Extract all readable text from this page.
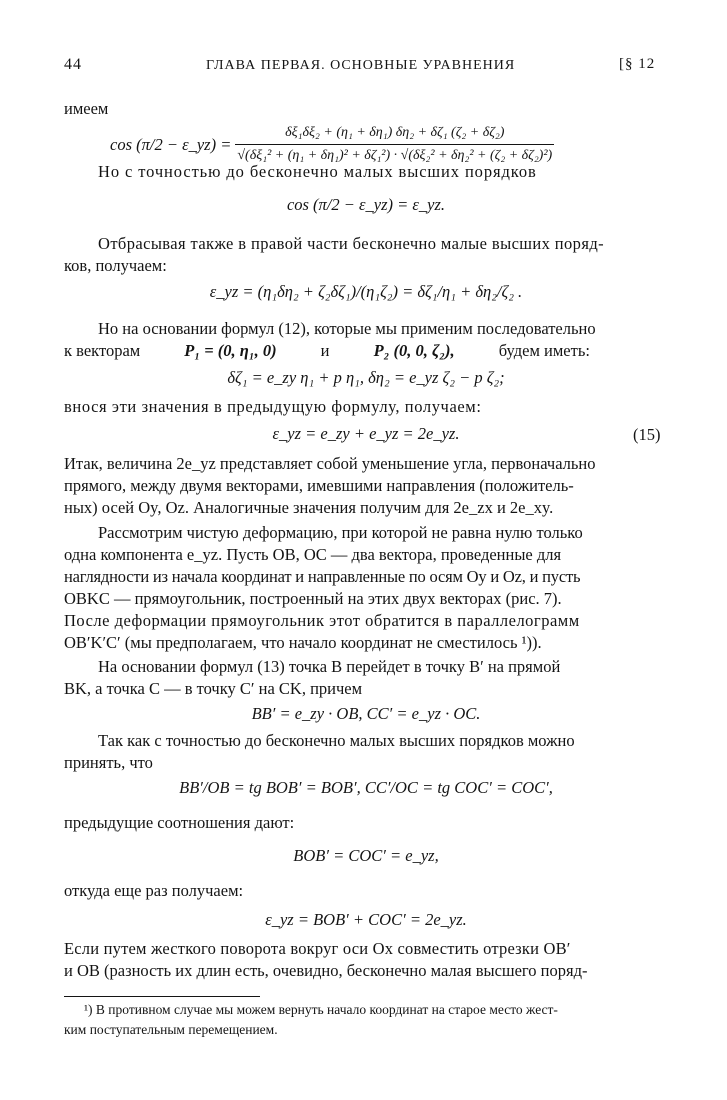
44	ГЛАВА ПЕРВАЯ. ОСНОВНЫЕ УРАВНЕНИЯ	[§ 12
имеем
cos (π/2 − ε_yz) = $\frac{\text{δξ₁δξ₂ + (η₁ + δη₁) δη₂ + δζ₁ (ζ₂ + δζ₂)}}{\text{√(δξ₁² + (η₁ + δη₁)² + δζ₁²) · √(δξ₂² + δη₂² + (ζ₂ + δζ₂)²)}}$
Но с точностью до бесконечно малых высших порядков
cos (π/2 − ε_yz) = ε_yz.
Отбрасывая также в правой части бесконечно малые высших поряд-
ков, получаем:
ε_yz = (η₁δη₂ + ζ₂δζ₁)/(η₁ζ₂) = δζ₁/η₁ + δη₂/ζ₂ .
Но на основании формул (12), которые мы применим последовательно
к векторам	P₁ = (0, η₁, 0)	и	P₂ (0, 0, ζ₂),	будем иметь:
δζ₁ = e_zy η₁ + p η₁, δη₂ = e_yz ζ₂ − p ζ₂;
внося эти значения в предыдущую формулу, получаем:
ε_yz = e_zy + e_yz = 2e_yz.	(15)
Итак, величина 2e_yz представляет собой уменьшение угла, первоначально
прямого, между двумя векторами, имевшими направления (положитель-
ных) осей Oy, Oz. Аналогичные значения получим для 2e_zx и 2e_xy.
Рассмотрим чистую деформацию, при которой не равна нулю только
одна компонента e_yz. Пусть OB, OC — два вектора, проведенные для
наглядности из начала координат и направленные по осям Oy и Oz, и пусть
OBKC — прямоугольник, построенный на этих двух векторах (рис. 7).
После деформации прямоугольник этот обратится в параллелограмм
OB′K′C′ (мы предполагаем, что начало координат не сместилось ¹)).
На основании формул (13) точка B перейдет в точку B′ на прямой
BK, а точка C — в точку C′ на CK, причем
BB′ = e_zy · OB, CC′ = e_yz · OC.
Так как с точностью до бесконечно малых высших порядков можно
принять, что
BB′/OB = tg BOB′ = BOB′, CC′/OC = tg COC′ = COC′,
предыдущие соотношения дают:
BOB′ = COC′ = e_yz,
откуда еще раз получаем:
ε_yz = BOB′ + COC′ = 2e_yz.
Если путем жесткого поворота вокруг оси Ox совместить отрезки OB′
и OB (разность их длин есть, очевидно, бесконечно малая высшего поряд-
¹) В противном случае мы можем вернуть начало координат на старое место жест-
ким поступательным перемещением.
